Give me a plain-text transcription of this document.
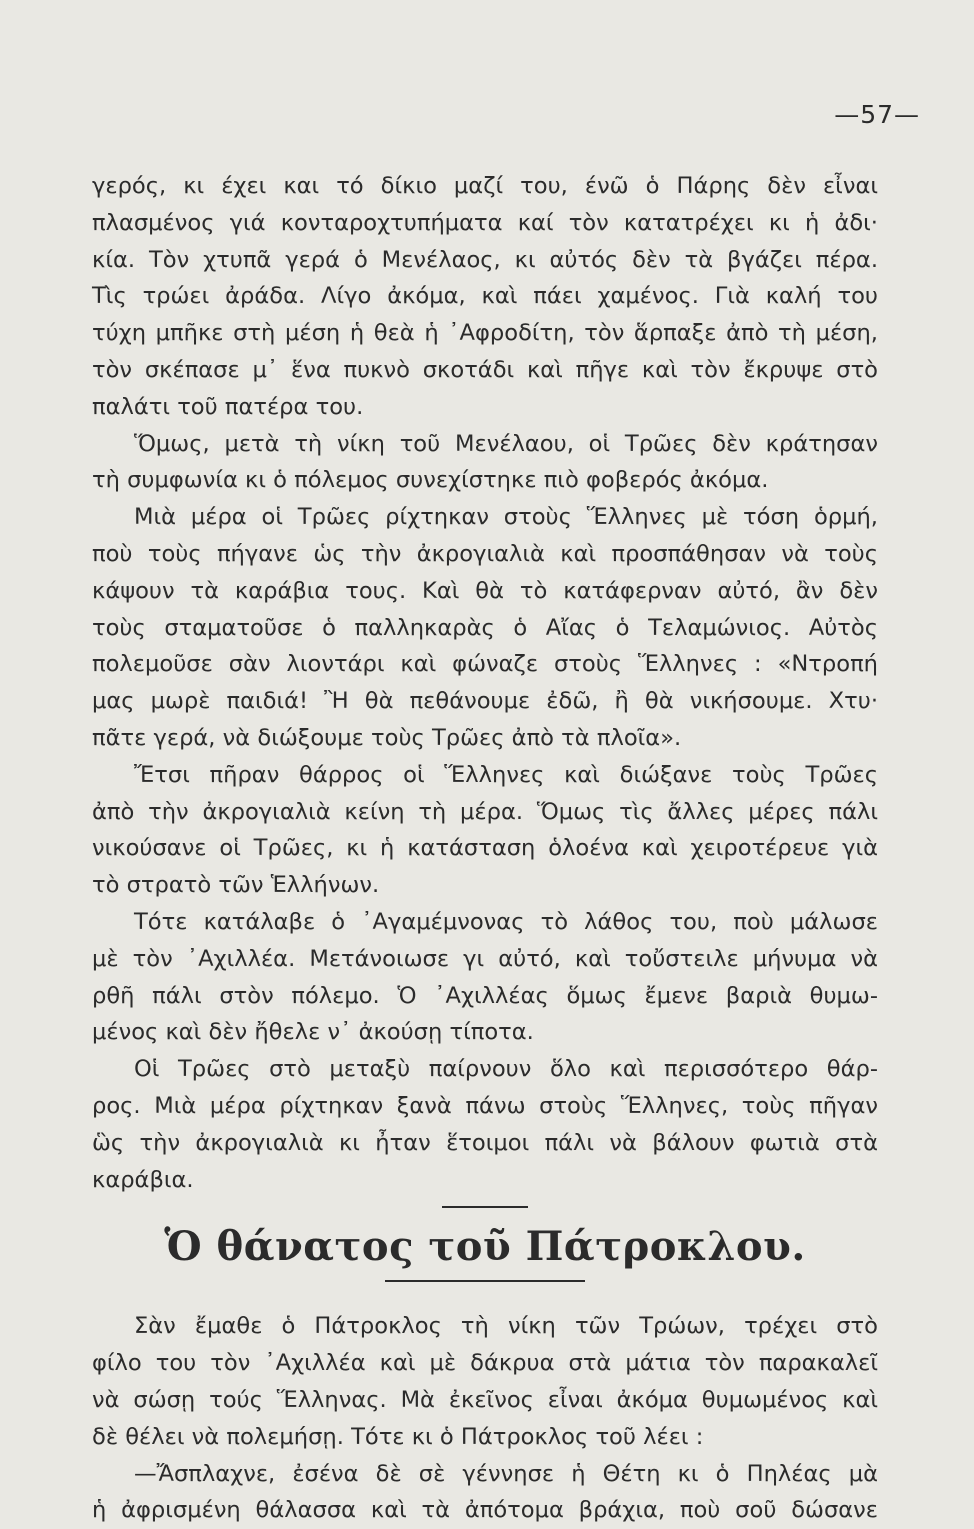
—57—

γερός, κι έχει και τό δίκιο μαζί του, ένῶ ὁ Πάρης δὲν εἶναι

πλασμένος γιά κονταροχτυπήματα καί τὸν κατατρέχει κι ἡ ἀδι·

κία. Τὸν χτυπᾶ γερά ὁ Μενέλαος, κι αὐτός δὲν τὰ βγάζει πέρα.

Τὶς τρώει ἀράδα. Λίγο ἀκόμα, καὶ πάει χαμένος. Γιὰ καλή του

τύχη μπῆκε στὴ μέση ἡ θεὰ ἡ ᾽Αφροδίτη, τὸν ἅρπαξε ἀπὸ τὴ μέση,

τὸν σκέπασε μ᾽ ἕνα πυκνὸ σκοτάδι καὶ πῆγε καὶ τὸν ἔκρυψε στὸ

παλάτι τοῦ πατέρα του.

Ὅμως, μετὰ τὴ νίκη τοῦ Μενέλαου, οἱ Τρῶες δὲν κράτησαν

τὴ συμφωνία κι ὁ πόλεμος συνεχίστηκε πιὸ φοβερός ἀκόμα.

Μιὰ μέρα οἱ Τρῶες ρίχτηκαν στοὺς Ἕλληνες μὲ τόση ὁρμή,

ποὺ τοὺς πήγανε ὡς τὴν ἀκρογιαλιὰ καὶ προσπάθησαν νὰ τοὺς

κάψουν τὰ καράβια τους. Καὶ θὰ τὸ κατάφερναν αὐτό, ἂν δὲν

τοὺς σταματοῦσε ὁ παλληκαρὰς ὁ Αἴας ὁ Τελαμώνιος. Αὐτὸς

πολεμοῦσε σὰν λιοντάρι καὶ φώναζε στοὺς Ἕλληνες : «Ντροπή

μας μωρὲ παιδιά! Ἢ θὰ πεθάνουμε ἐδῶ, ἢ θὰ νικήσουμε. Χτυ·

πᾶτε γερά, νὰ διώξουμε τοὺς Τρῶες ἀπὸ τὰ πλοῖα».

Ἔτσι πῆραν θάρρος οἱ Ἕλληνες καὶ διώξανε τοὺς Τρῶες

ἀπὸ τὴν ἀκρογιαλιὰ κείνη τὴ μέρα. Ὅμως τὶς ἄλλες μέρες πάλι

νικούσανε οἱ Τρῶες, κι ἡ κατάσταση ὁλοένα καὶ χειροτέρευε γιὰ

τὸ στρατὸ τῶν Ἑλλήνων.

Τότε κατάλαβε ὁ ᾽Αγαμέμνονας τὸ λάθος του, ποὺ μάλωσε

μὲ τὸν ᾽Αχιλλέα. Μετάνοιωσε γι αὐτό, καὶ τοὔστειλε μήνυμα νὰ

ρθῆ πάλι στὸν πόλεμο. Ὁ ᾽Αχιλλέας ὅμως ἔμενε βαριὰ θυμω-

μένος καὶ δὲν ἤθελε ν᾽ ἀκούσῃ τίποτα.

Οἱ Τρῶες στὸ μεταξὺ παίρνουν ὅλο καὶ περισσότερο θάρ-

ρος. Μιὰ μέρα ρίχτηκαν ξανὰ πάνω στοὺς Ἕλληνες, τοὺς πῆγαν

ὣς τὴν ἀκρογιαλιὰ κι ἦταν ἕτοιμοι πάλι νὰ βάλουν φωτιὰ στὰ

καράβια.

Ὁ θάνατος τοῦ Πάτροκλου.

Σὰν ἔμαθε ὁ Πάτροκλος τὴ νίκη τῶν Τρώων, τρέχει στὸ

φίλο του τὸν ᾽Αχιλλέα καὶ μὲ δάκρυα στὰ μάτια τὸν παρακαλεῖ

νὰ σώσῃ τούς Ἕλληνας. Μὰ ἐκεῖνος εἶναι ἀκόμα θυμωμένος καὶ

δὲ θέλει νὰ πολεμήσῃ. Τότε κι ὁ Πάτροκλος τοῦ λέει :

—Ἄσπλαχνε, ἐσένα δὲ σὲ γέννησε ἡ Θέτη κι ὁ Πηλέας μὰ

ἡ ἀφρισμένη θάλασσα καὶ τὰ ἀπότομα βράχια, ποὺ σοῦ δώσανε
